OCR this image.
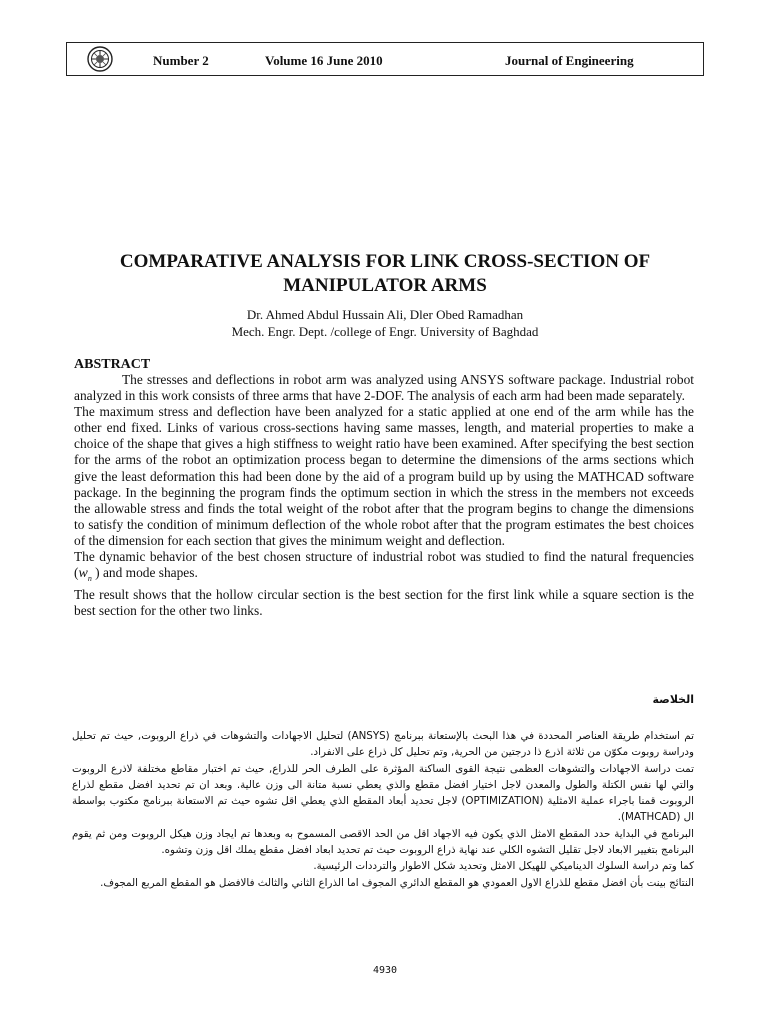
Number 2	Volume 16 June 2010	Journal of Engineering
COMPARATIVE ANALYSIS FOR LINK CROSS-SECTION OF MANIPULATOR ARMS
Dr. Ahmed Abdul Hussain Ali, Dler Obed Ramadhan
Mech. Engr. Dept. /college of Engr. University of Baghdad
ABSTRACT

The stresses and deflections in robot arm was analyzed using ANSYS software package. Industrial robot analyzed in this work consists of three arms that have 2-DOF. The analysis of each arm had been made separately.

The maximum stress and deflection have been analyzed for a static applied at one end of the arm while has the other end fixed. Links of various cross-sections having same masses, length, and material properties to make a choice of the shape that gives a high stiffness to weight ratio have been examined. After specifying the best section for the arms of the robot an optimization process began to determine the dimensions of the arms sections which give the least deformation this had been done by the aid of a program build up by using the MATHCAD software package. In the beginning the program finds the optimum section in which the stress in the members not exceeds the allowable stress and finds the total weight of the robot after that the program begins to change the dimensions to satisfy the condition of minimum deflection of the whole robot after that the program estimates the best choices of the dimension for each section that gives the minimum weight and deflection.

The dynamic behavior of the best chosen structure of industrial robot was studied to find the natural frequencies ($w_n$ ) and mode shapes.

The result shows that the hollow circular section is the best section for the first link while a square section is the best section for the other two links.

الخلاصة

تم استخدام طريقة العناصر المحددة في هذا البحث بالإستعانة ببرنامج (ANSYS) لتحليل الاجهادات والتشوهات في ذراع الروبوت, حيث تم تحليل ودراسة روبوت مكوّن من ثلاثة اذرع ذا درجتين من الحرية, وتم تحليل كل ذراع على الانفراد.

تمت دراسة الاجهادات والتشوهات العظمى نتيجة القوى الساكنة المؤثرة على الطرف الحر للذراع, حيث تم اختبار مقاطع مختلفة لاذرع الروبوت والتي لها نفس الكتلة والطول والمعدن لاجل اختيار افضل مقطع والذي يعطي نسبة متانة الى وزن عالية. وبعد ان تم تحديد افضل مقطع لذراع الروبوت قمنا باجراء عملية الامثلية (OPTIMIZATION) لاجل تحديد أبعاد المقطع الذي يعطي اقل تشوه حيث تم الاستعانة ببرنامج مكتوب بواسطة ال (MATHCAD).

البرنامج في البداية حدد المقطع الامثل الذي يكون فيه الاجهاد اقل من الحد الاقصى المسموح به وبعدها تم ايجاد وزن هيكل الروبوت ومن ثم يقوم البرنامج بتغيير الابعاد لاجل تقليل التشوه الكلي عند نهاية ذراع الروبوت حيث تم تحديد ابعاد افضل مقطع يملك اقل وزن وتشوه.

كما وتم دراسة السلوك الديناميكي للهيكل الامثل وتحديد شكل الاطوار والترددات الرئيسية.

النتائج بينت بأن افضل مقطع للذراع الاول العمودي هو المقطع الدائري المجوف اما الذراع الثاني والثالث فالافضل هو المقطع المربع المجوف.

4930
